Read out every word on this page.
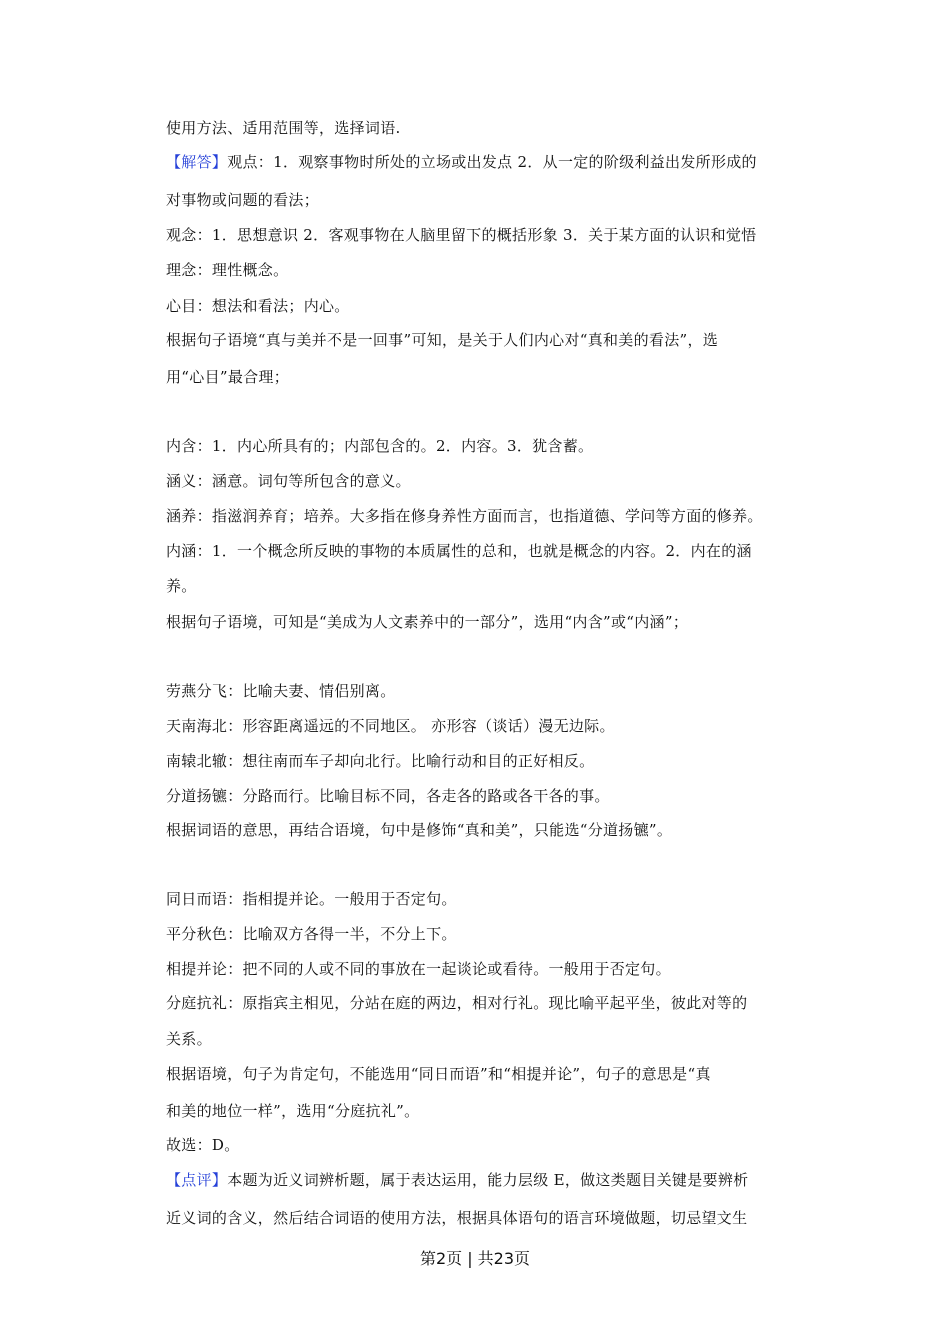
使用方法、适用范围等，选择词语.
【解答】观点：1．观察事物时所处的立场或出发点 2．从一定的阶级利益出发所形成的
对事物或问题的看法；
观念：1．思想意识 2．客观事物在人脑里留下的概括形象 3．关于某方面的认识和觉悟
理念：理性概念。
心目：想法和看法；内心。
根据句子语境“真与美并不是一回事”可知，是关于人们内心对“真和美的看法”，选
用“心目”最合理；
内含：1．内心所具有的；内部包含的。2．内容。3．犹含蓄。
涵义：涵意。词句等所包含的意义。
涵养：指滋润养育；培养。大多指在修身养性方面而言，也指道德、学问等方面的修养。
内涵：1．一个概念所反映的事物的本质属性的总和，也就是概念的内容。2．内在的涵
养。
根据句子语境，可知是“美成为人文素养中的一部分”，选用“内含”或“内涵”；
劳燕分飞：比喻夫妻、情侣别离。
天南海北：形容距离遥远的不同地区。 亦形容（谈话）漫无边际。
南辕北辙：想往南而车子却向北行。比喻行动和目的正好相反。
分道扬镳：分路而行。比喻目标不同，各走各的路或各干各的事。
根据词语的意思，再结合语境，句中是修饰“真和美”，只能选“分道扬镳”。
同日而语：指相提并论。一般用于否定句。
平分秋色：比喻双方各得一半，不分上下。
相提并论：把不同的人或不同的事放在一起谈论或看待。一般用于否定句。
分庭抗礼：原指宾主相见，分站在庭的两边，相对行礼。现比喻平起平坐，彼此对等的
关系。
根据语境，句子为肯定句，不能选用“同日而语”和“相提并论”，句子的意思是“真
和美的地位一样”，选用“分庭抗礼”。
故选：D。
【点评】本题为近义词辨析题，属于表达运用，能力层级 E，做这类题目关键是要辨析
近义词的含义，然后结合词语的使用方法，根据具体语句的语言环境做题，切忌望文生
第2页 | 共23页
